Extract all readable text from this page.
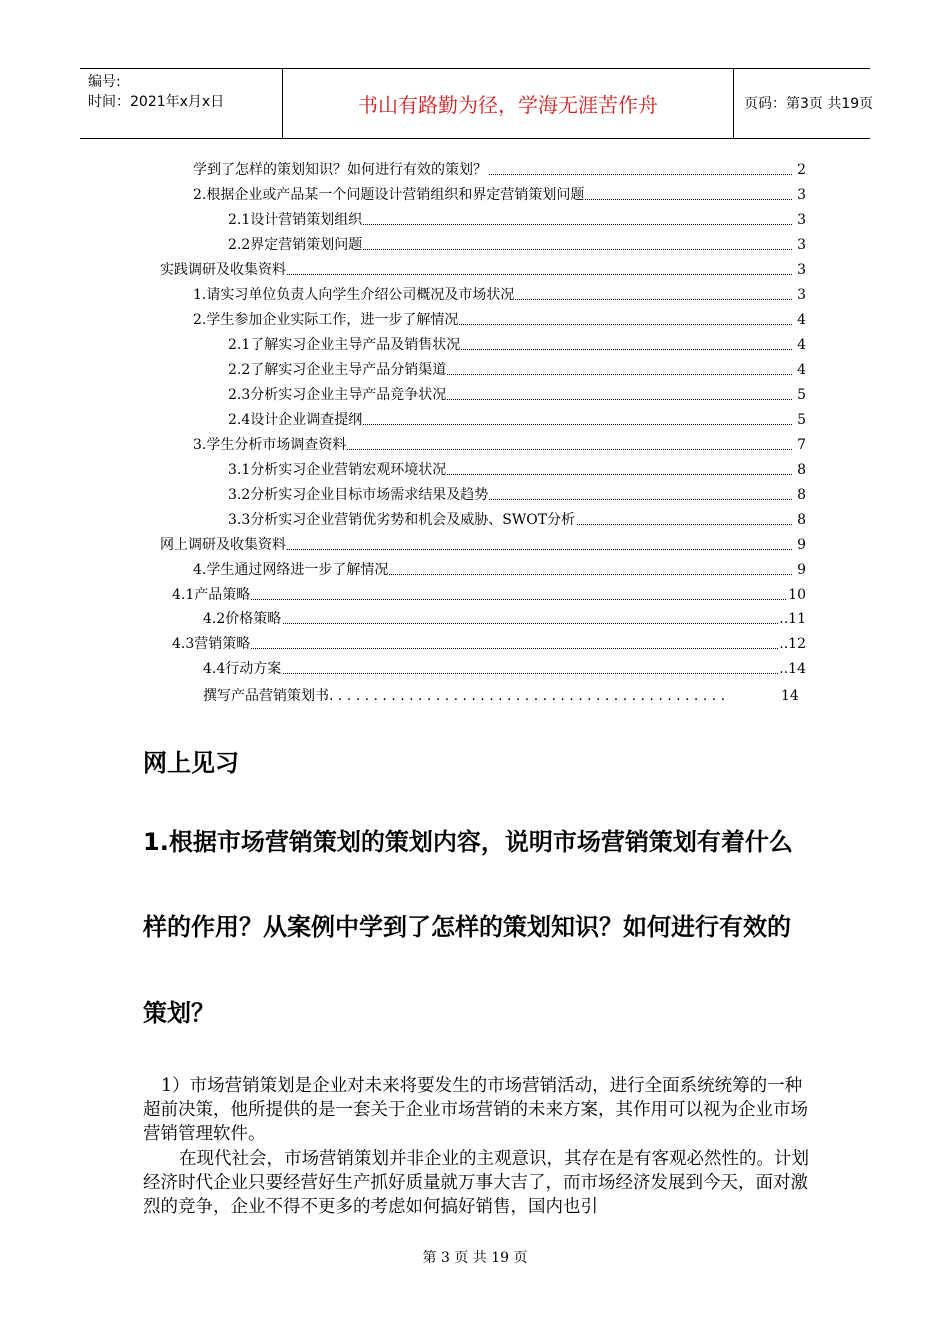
编号:
时间：2021年x月x日	书山有路勤为径，学海无涯苦作舟	页码：第3页 共19页
学到了怎样的策划知识？如何进行有效的策划？	2
2.根据企业或产品某一个问题设计营销组织和界定营销策划问题	3
2.1设计营销策划组织	3
2.2界定营销策划问题	3
实践调研及收集资料	3
1.请实习单位负责人向学生介绍公司概况及市场状况	3
2.学生参加企业实际工作，进一步了解情况	4
2.1了解实习企业主导产品及销售状况	4
2.2了解实习企业主导产品分销渠道	4
2.3分析实习企业主导产品竞争状况	5
2.4设计企业调查提纲	5
3.学生分析市场调查资料	7
3.1分析实习企业营销宏观环境状况	8
3.2分析实习企业目标市场需求结果及趋势	8
3.3分析实习企业营销优劣势和机会及威胁、SWOT分析	8
网上调研及收集资料	9
4.学生通过网络进一步了解情况	9
4.1产品策略	10
4.2价格策略	..11
4.3营销策略	..12
4.4行动方案	..14
撰写产品营销策划书. . . . . . . . . . . . . . . . . . . . . . . . . . . . . . . . . . . . . . . . . . . . .	14
网上见习
1.根据市场营销策划的策划内容，说明市场营销策划有着什么
样的作用？从案例中学到了怎样的策划知识？如何进行有效的
策划？

1）市场营销策划是企业对未来将要发生的市场营销活动，进行全面系统统筹的一种超前决策，他所提供的是一套关于企业市场营销的未来方案，其作用可以视为企业市场营销管理软件。

在现代社会，市场营销策划并非企业的主观意识，其存在是有客观必然性的。计划经济时代企业只要经营好生产抓好质量就万事大吉了，而市场经济发展到今天，面对激烈的竞争，企业不得不更多的考虑如何搞好销售，国内也引

第 3 页 共 19 页
